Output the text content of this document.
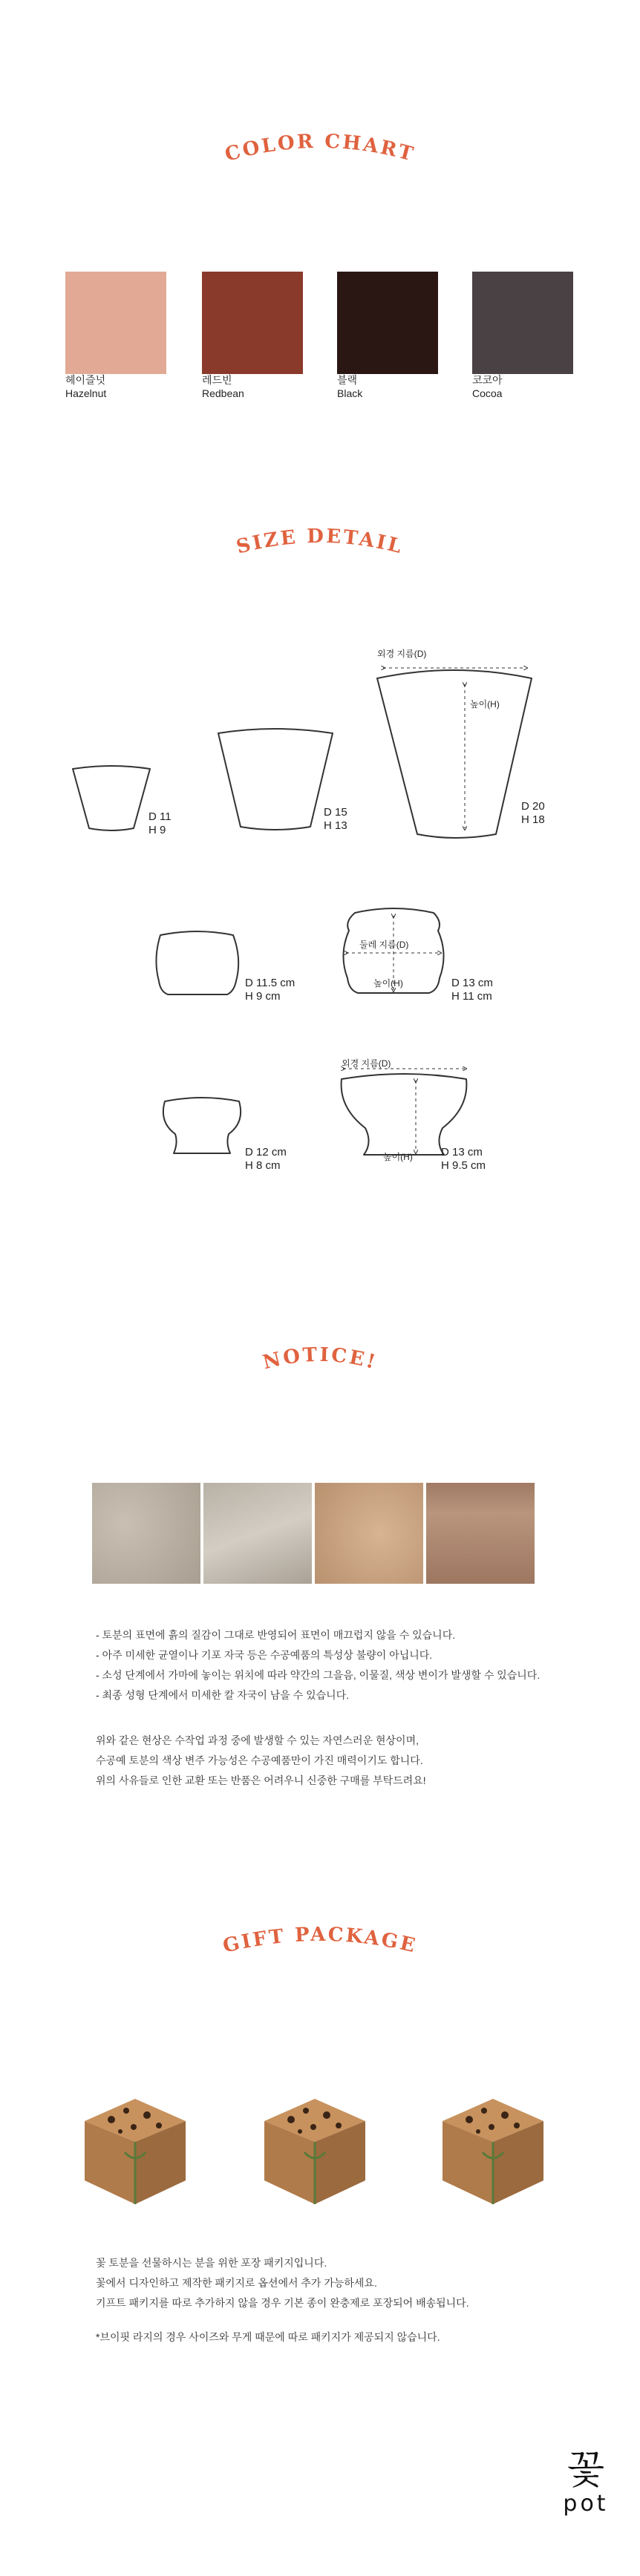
COLOR CHART
헤이즐넛
Hazelnut
레드빈
Redbean
블랙
Black
코코아
Cocoa
SIZE DETAIL
외경 지름(D)
높이(H)
둘레 지름(D)
높이(H)
외경 지름(D)
높이(H)
D 11
H 9
D 15
H 13
D 20
H 18
D 11.5 cm
H 9 cm
D 13 cm
H 11 cm
D 12 cm
H 8 cm
D 13 cm
H 9.5 cm
NOTICE!
- 토분의 표면에 흙의 질감이 그대로 반영되어 표면이 매끄럽지 않을 수 있습니다.
- 아주 미세한 균열이나 기포 자국 등은 수공예품의 특성상 불량이 아닙니다.
- 소성 단계에서 가마에 놓이는 위치에 따라 약간의 그을음, 이물질, 색상 변이가 발생할 수 있습니다.
- 최종 성형 단계에서 미세한 칼 자국이 남을 수 있습니다.
위와 같은 현상은 수작업 과정 중에 발생할 수 있는 자연스러운 현상이며,
수공예 토분의 색상 변주 가능성은 수공예품만이 가진 매력이기도 합니다.
위의 사유들로 인한 교환 또는 반품은 어려우니 신중한 구매를 부탁드려요!
GIFT PACKAGE
꽃 토분을 선물하시는 분을 위한 포장 패키지입니다.
꽃에서 디자인하고 제작한 패키지로 옵션에서 추가 가능하세요.
기프트 패키지를 따로 추가하지 않을 경우 기본 종이 완충제로 포장되어 배송됩니다.
*브이핏 라지의 경우 사이즈와 무게 때문에 따로 패키지가 제공되지 않습니다.
꽃
pot
